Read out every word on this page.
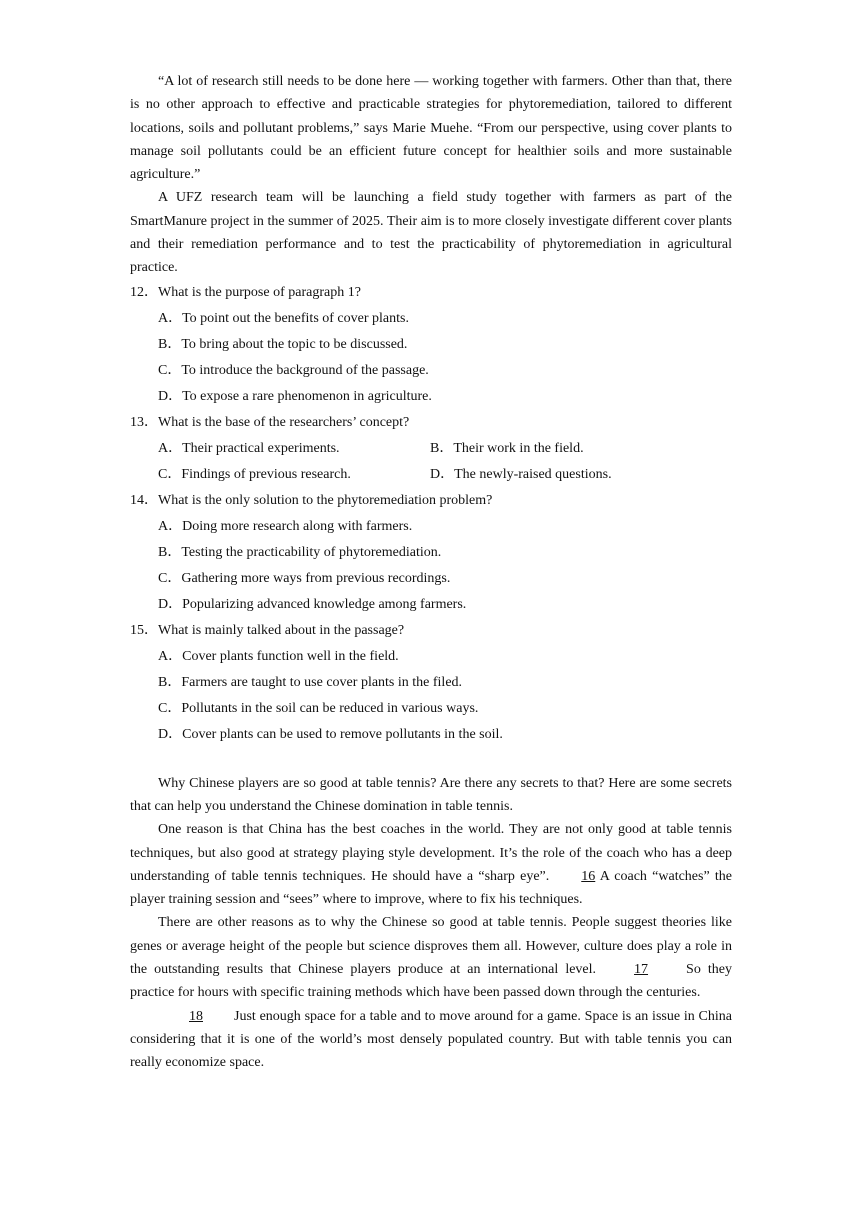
“A lot of research still needs to be done here — working together with farmers. Other than that, there is no other approach to effective and practicable strategies for phytoremediation, tailored to different locations, soils and pollutant problems,” says Marie Muehe. “From our perspective, using cover plants to manage soil pollutants could be an efficient future concept for healthier soils and more sustainable agriculture.”

A UFZ research team will be launching a field study together with farmers as part of the SmartManure project in the summer of 2025. Their aim is to more closely investigate different cover plants and their remediation performance and to test the practicability of phytoremediation in agricultural practice.

12．What is the purpose of paragraph 1?

A．To point out the benefits of cover plants.

B．To bring about the topic to be discussed.

C．To introduce the background of the passage.

D．To expose a rare phenomenon in agriculture.

13．What is the base of the researchers’ concept?

A．Their practical experiments.	B．Their work in the field.
C．Findings of previous research.	D．The newly-raised questions.

14．What is the only solution to the phytoremediation problem?

A．Doing more research along with farmers.

B．Testing the practicability of phytoremediation.

C．Gathering more ways from previous recordings.

D．Popularizing advanced knowledge among farmers.

15．What is mainly talked about in the passage?

A．Cover plants function well in the field.

B．Farmers are taught to use cover plants in the filed.

C．Pollutants in the soil can be reduced in various ways.

D．Cover plants can be used to remove pollutants in the soil.

Why Chinese players are so good at table tennis? Are there any secrets to that? Here are some secrets that can help you understand the Chinese domination in table tennis.

One reason is that China has the best coaches in the world. They are not only good at table tennis techniques, but also good at strategy playing style development. It’s the role of the coach who has a deep understanding of table tennis techniques. He should have a “sharp eye”. 16 A coach “watches” the player training session and “sees” where to improve, where to fix his techniques.

There are other reasons as to why the Chinese so good at table tennis. People suggest theories like genes or average height of the people but science disproves them all. However, culture does play a role in the outstanding results that Chinese players produce at an international level.	17	So they practice for hours with specific training methods which have been passed down through the centuries.

18 Just enough space for a table and to move around for a game. Space is an issue in China considering that it is one of the world’s most densely populated country. But with table tennis you can really economize space.
